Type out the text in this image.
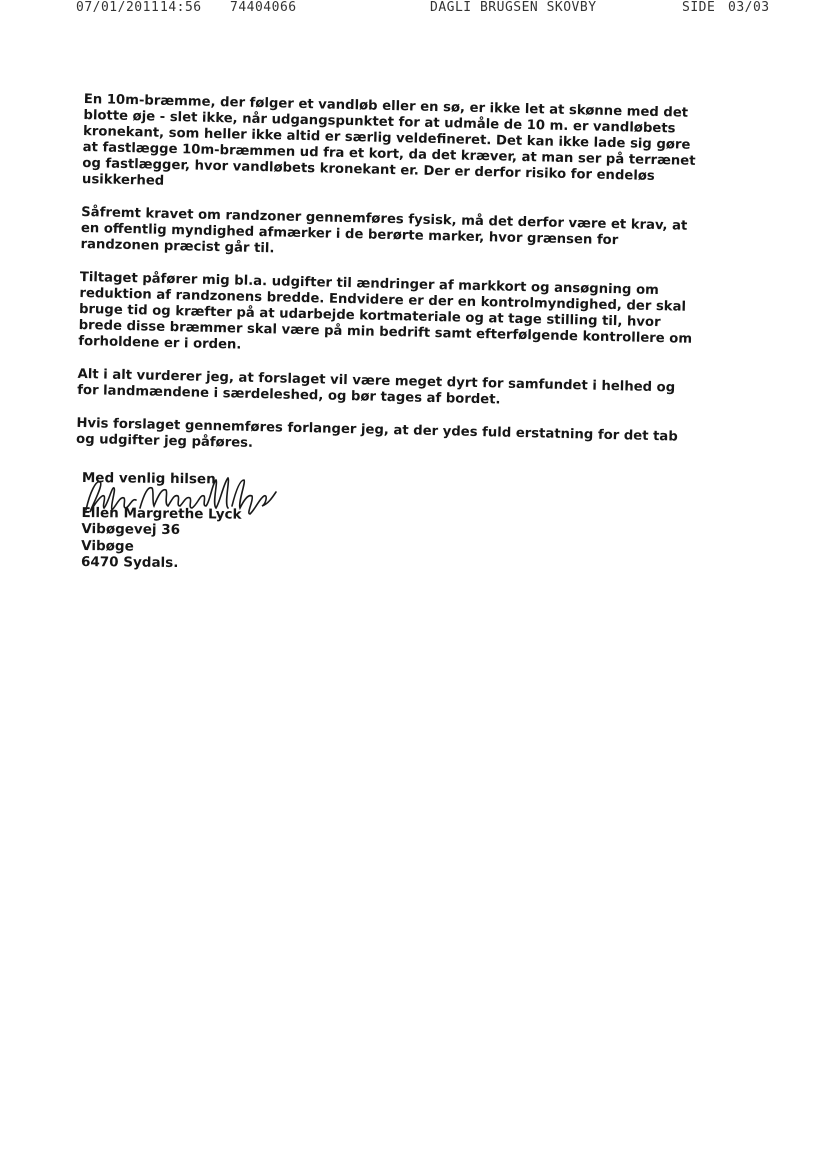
07/01/2011 14:56 74404066	DAGLI BRUGSEN SKOVBY	SIDE 03/03

En 10m-bræmme, der følger et vandløb eller en sø, er ikke let at skønne med det blotte øje - slet ikke, når udgangspunktet for at udmåle de 10 m. er vandløbets kronekant, som heller ikke altid er særlig veldefineret. Det kan ikke lade sig gøre at fastlægge 10m-bræmmen ud fra et kort, da det kræver, at man ser på terrænet og fastlægger, hvor vandløbets kronekant er. Der er derfor risiko for endeløs usikkerhed

Såfremt kravet om randzoner gennemføres fysisk, må det derfor være et krav, at en offentlig myndighed afmærker i de berørte marker, hvor grænsen for randzonen præcist går til.

Tiltaget påfører mig bl.a. udgifter til ændringer af markkort og ansøgning om reduktion af randzonens bredde. Endvidere er der en kontrolmyndighed, der skal bruge tid og kræfter på at udarbejde kortmateriale og at tage stilling til, hvor brede disse bræmmer skal være på min bedrift samt efterfølgende kontrollere om forholdene er i orden.

Alt i alt vurderer jeg, at forslaget vil være meget dyrt for samfundet i helhed og for landmændene i særdeleshed, og bør tages af bordet.

Hvis forslaget gennemføres forlanger jeg, at der ydes fuld erstatning for det tab og udgifter jeg påføres.

Med venlig hilsen
Ellen Margrethe Lyck
Vibøgevej 36
Vibøge
6470 Sydals.
